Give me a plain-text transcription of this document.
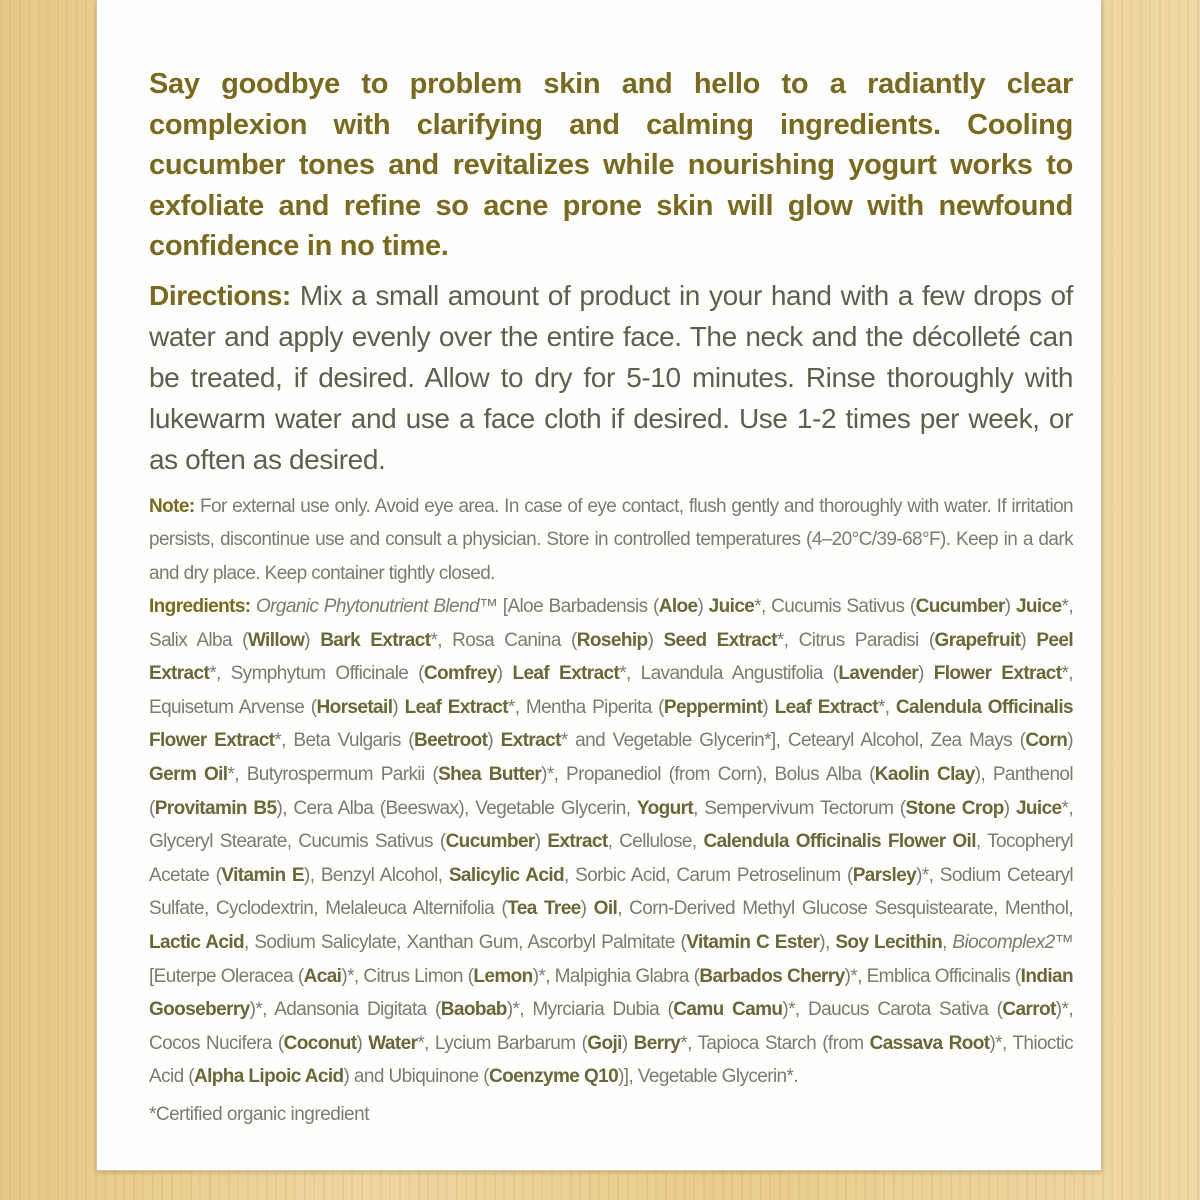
Say goodbye to problem skin and hello to a radiantly clear complexion with clarifying and calming ingredients. Cooling cucumber tones and revitalizes while nourishing yogurt works to exfoliate and refine so acne prone skin will glow with newfound confidence in no time.

Directions: Mix a small amount of product in your hand with a few drops of water and apply evenly over the entire face. The neck and the décolleté can be treated, if desired. Allow to dry for 5-10 minutes. Rinse thoroughly with lukewarm water and use a face cloth if desired. Use 1-2 times per week, or as often as desired.

Note: For external use only. Avoid eye area. In case of eye contact, flush gently and thoroughly with water. If irritation persists, discontinue use and consult a physician. Store in controlled temperatures (4–20°C/39-68°F). Keep in a dark and dry place. Keep container tightly closed.

Ingredients: Organic Phytonutrient Blend™ [Aloe Barbadensis (Aloe) Juice*, Cucumis Sativus (Cucumber) Juice*, Salix Alba (Willow) Bark Extract*, Rosa Canina (Rosehip) Seed Extract*, Citrus Paradisi (Grapefruit) Peel Extract*, Symphytum Officinale (Comfrey) Leaf Extract*, Lavandula Angustifolia (Lavender) Flower Extract*, Equisetum Arvense (Horsetail) Leaf Extract*, Mentha Piperita (Peppermint) Leaf Extract*, Calendula Officinalis Flower Extract*, Beta Vulgaris (Beetroot) Extract* and Vegetable Glycerin*], Cetearyl Alcohol, Zea Mays (Corn) Germ Oil*, Butyrospermum Parkii (Shea Butter)*, Propanediol (from Corn), Bolus Alba (Kaolin Clay), Panthenol (Provitamin B5), Cera Alba (Beeswax), Vegetable Glycerin, Yogurt, Sempervivum Tectorum (Stone Crop) Juice*, Glyceryl Stearate, Cucumis Sativus (Cucumber) Extract, Cellulose, Calendula Officinalis Flower Oil, Tocopheryl Acetate (Vitamin E), Benzyl Alcohol, Salicylic Acid, Sorbic Acid, Carum Petroselinum (Parsley)*, Sodium Cetearyl Sulfate, Cyclodextrin, Melaleuca Alternifolia (Tea Tree) Oil, Corn-Derived Methyl Glucose Sesquistearate, Menthol, Lactic Acid, Sodium Salicylate, Xanthan Gum, Ascorbyl Palmitate (Vitamin C Ester), Soy Lecithin, Biocomplex2™ [Euterpe Oleracea (Acai)*, Citrus Limon (Lemon)*, Malpighia Glabra (Barbados Cherry)*, Emblica Officinalis (Indian Gooseberry)*, Adansonia Digitata (Baobab)*, Myrciaria Dubia (Camu Camu)*, Daucus Carota Sativa (Carrot)*, Cocos Nucifera (Coconut) Water*, Lycium Barbarum (Goji) Berry*, Tapioca Starch (from Cassava Root)*, Thioctic Acid (Alpha Lipoic Acid) and Ubiquinone (Coenzyme Q10)], Vegetable Glycerin*.

*Certified organic ingredient
